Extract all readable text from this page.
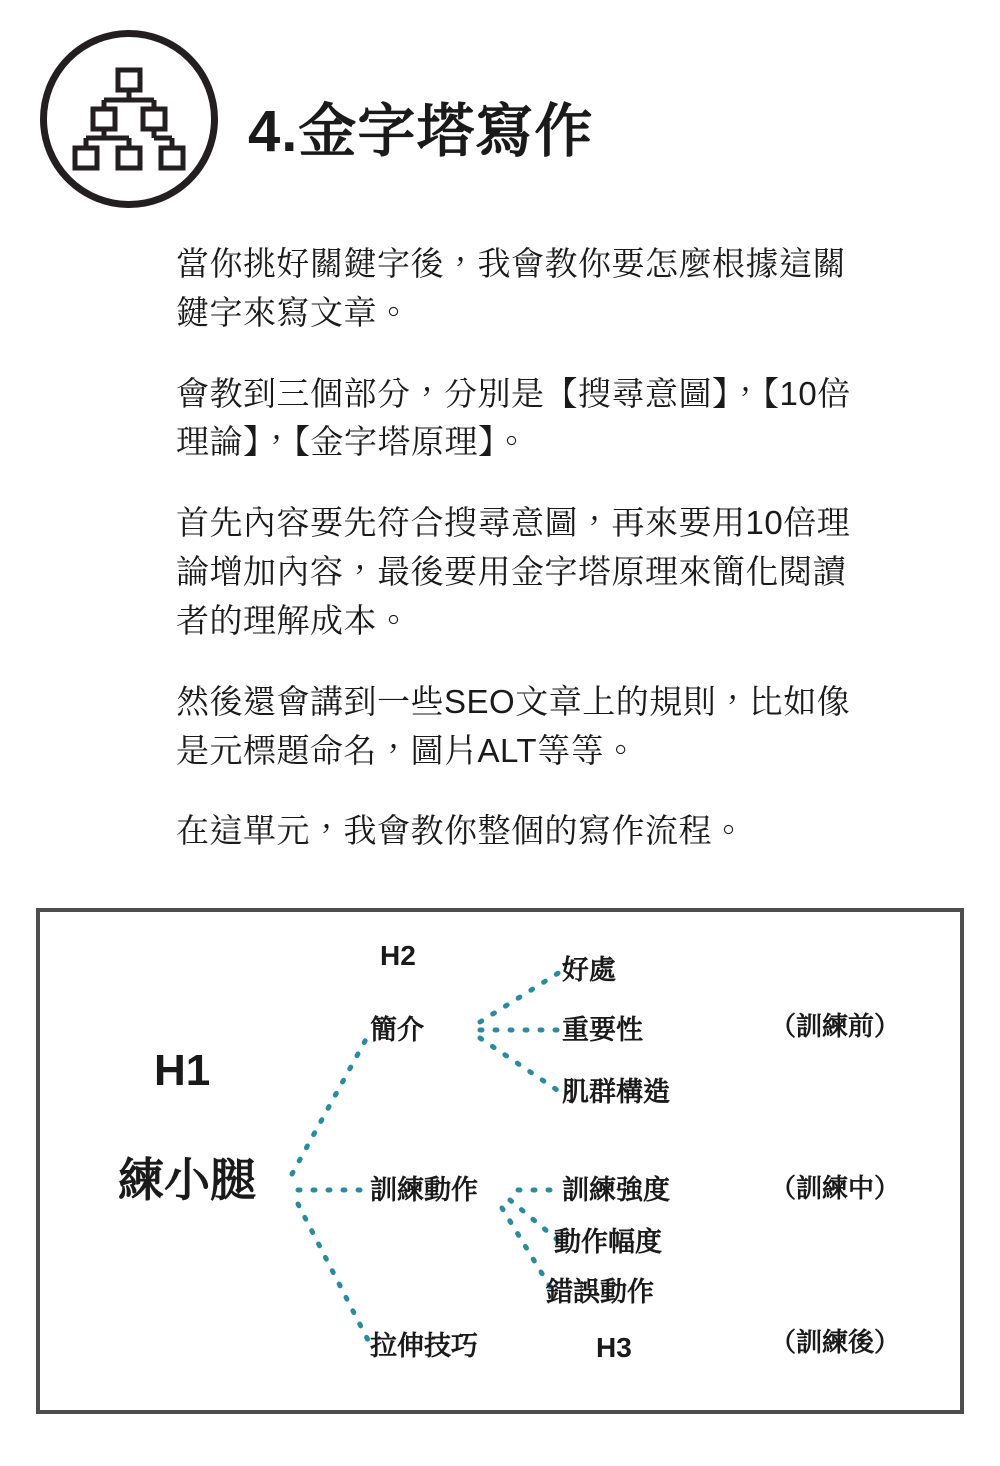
4.金字塔寫作

當你挑好關鍵字後，我會教你要怎麼根據這關鍵字來寫文章。

會教到三個部分，分別是【搜尋意圖】，【10倍理論】，【金字塔原理】。

首先內容要先符合搜尋意圖，再來要用10倍理論增加內容，最後要用金字塔原理來簡化閱讀者的理解成本。

然後還會講到一些SEO文章上的規則，比如像是元標題命名，圖片ALT等等。

在這單元，我會教你整個的寫作流程。

H2
H3
H1
練小腿
簡介
好處
重要性
肌群構造
訓練動作	訓練強度
動作幅度
錯誤動作
拉伸技巧
（訓練前）
（訓練中）
（訓練後）
